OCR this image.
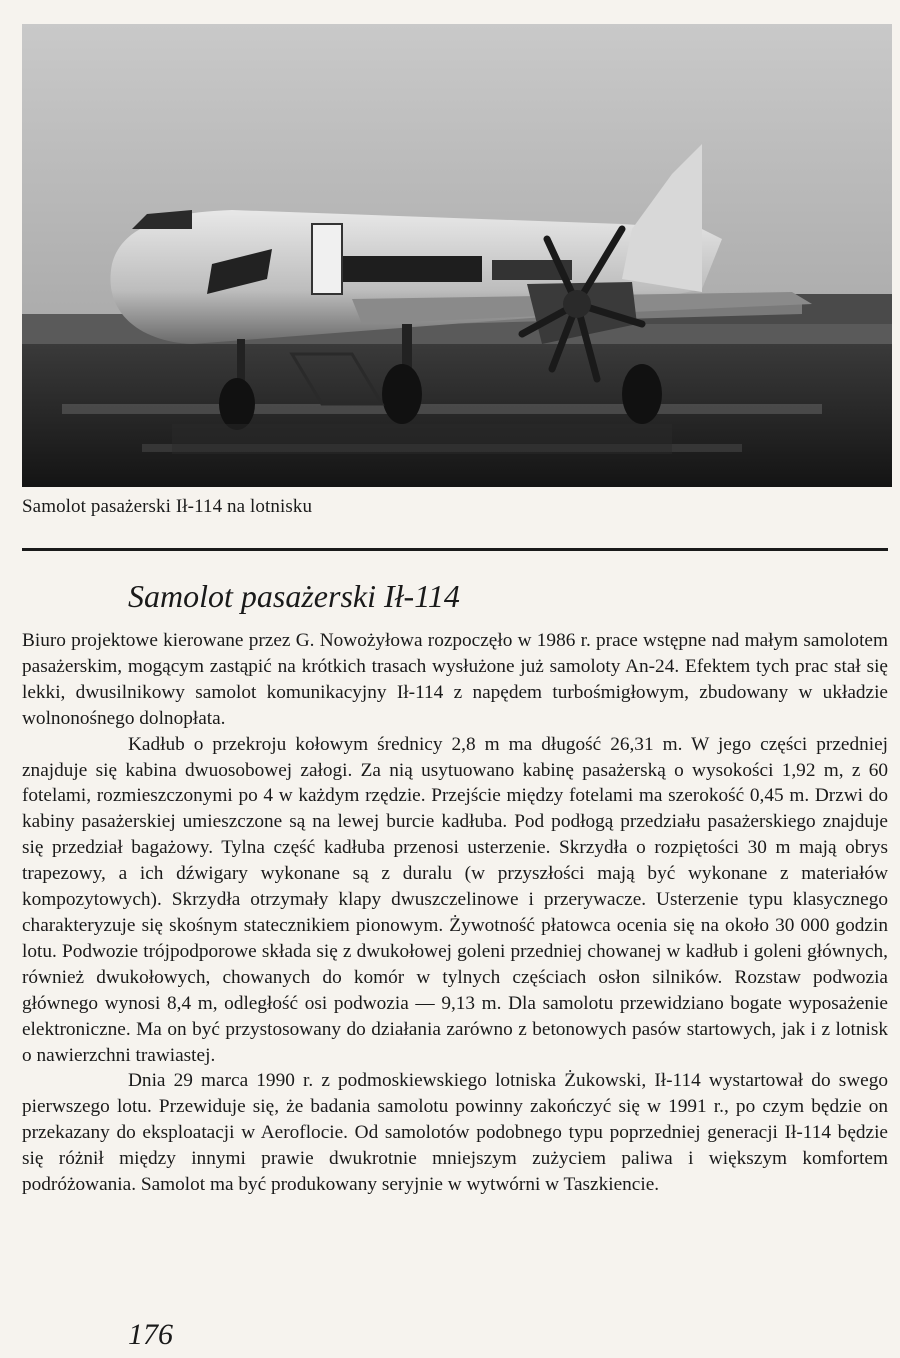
Samolot pasażerski Ił-114 na lotnisku
Samolot pasażerski Ił-114

Biuro projektowe kierowane przez G. Nowożyłowa rozpoczęło w 1986 r. prace wstępne nad małym samolotem pasażerskim, mogącym zastąpić na krótkich trasach wysłużone już samoloty An-24. Efektem tych prac stał się lekki, dwusilnikowy samolot komunikacyjny Ił-114 z napędem turbośmigłowym, zbudowany w układzie wolnonośnego dolnopłata.

Kadłub o przekroju kołowym średnicy 2,8 m ma długość 26,31 m. W jego części przedniej znajduje się kabina dwuosobowej załogi. Za nią usytuowano kabinę pasażerską o wysokości 1,92 m, z 60 fotelami, rozmieszczonymi po 4 w każdym rzędzie. Przejście między fotelami ma szerokość 0,45 m. Drzwi do kabiny pasażerskiej umieszczone są na lewej burcie kadłuba. Pod podłogą przedziału pasażerskiego znajduje się przedział bagażowy. Tylna część kadłuba przenosi usterzenie. Skrzydła o rozpiętości 30 m mają obrys trapezowy, a ich dźwigary wykonane są z duralu (w przyszłości mają być wykonane z materiałów kompozytowych). Skrzydła otrzymały klapy dwuszczelinowe i przerywacze. Usterzenie typu klasycznego charakteryzuje się skośnym statecznikiem pionowym. Żywotność płatowca ocenia się na około 30 000 godzin lotu. Podwozie trójpodporowe składa się z dwukołowej goleni przedniej chowanej w kadłub i goleni głównych, również dwukołowych, chowanych do komór w tylnych częściach osłon silników. Rozstaw podwozia głównego wynosi 8,4 m, odległość osi podwozia — 9,13 m. Dla samolotu przewidziano bogate wyposażenie elektroniczne. Ma on być przystosowany do działania zarówno z betonowych pasów startowych, jak i z lotnisk o nawierzchni trawiastej.

Dnia 29 marca 1990 r. z podmoskiewskiego lotniska Żukowski, Ił-114 wystartował do swego pierwszego lotu. Przewiduje się, że badania samolotu powinny zakończyć się w 1991 r., po czym będzie on przekazany do eksploatacji w Aeroflocie. Od samolotów podobnego typu poprzedniej generacji Ił-114 będzie się różnił między innymi prawie dwukrotnie mniejszym zużyciem paliwa i większym komfortem podróżowania. Samolot ma być produkowany seryjnie w wytwórni w Taszkiencie.

176
